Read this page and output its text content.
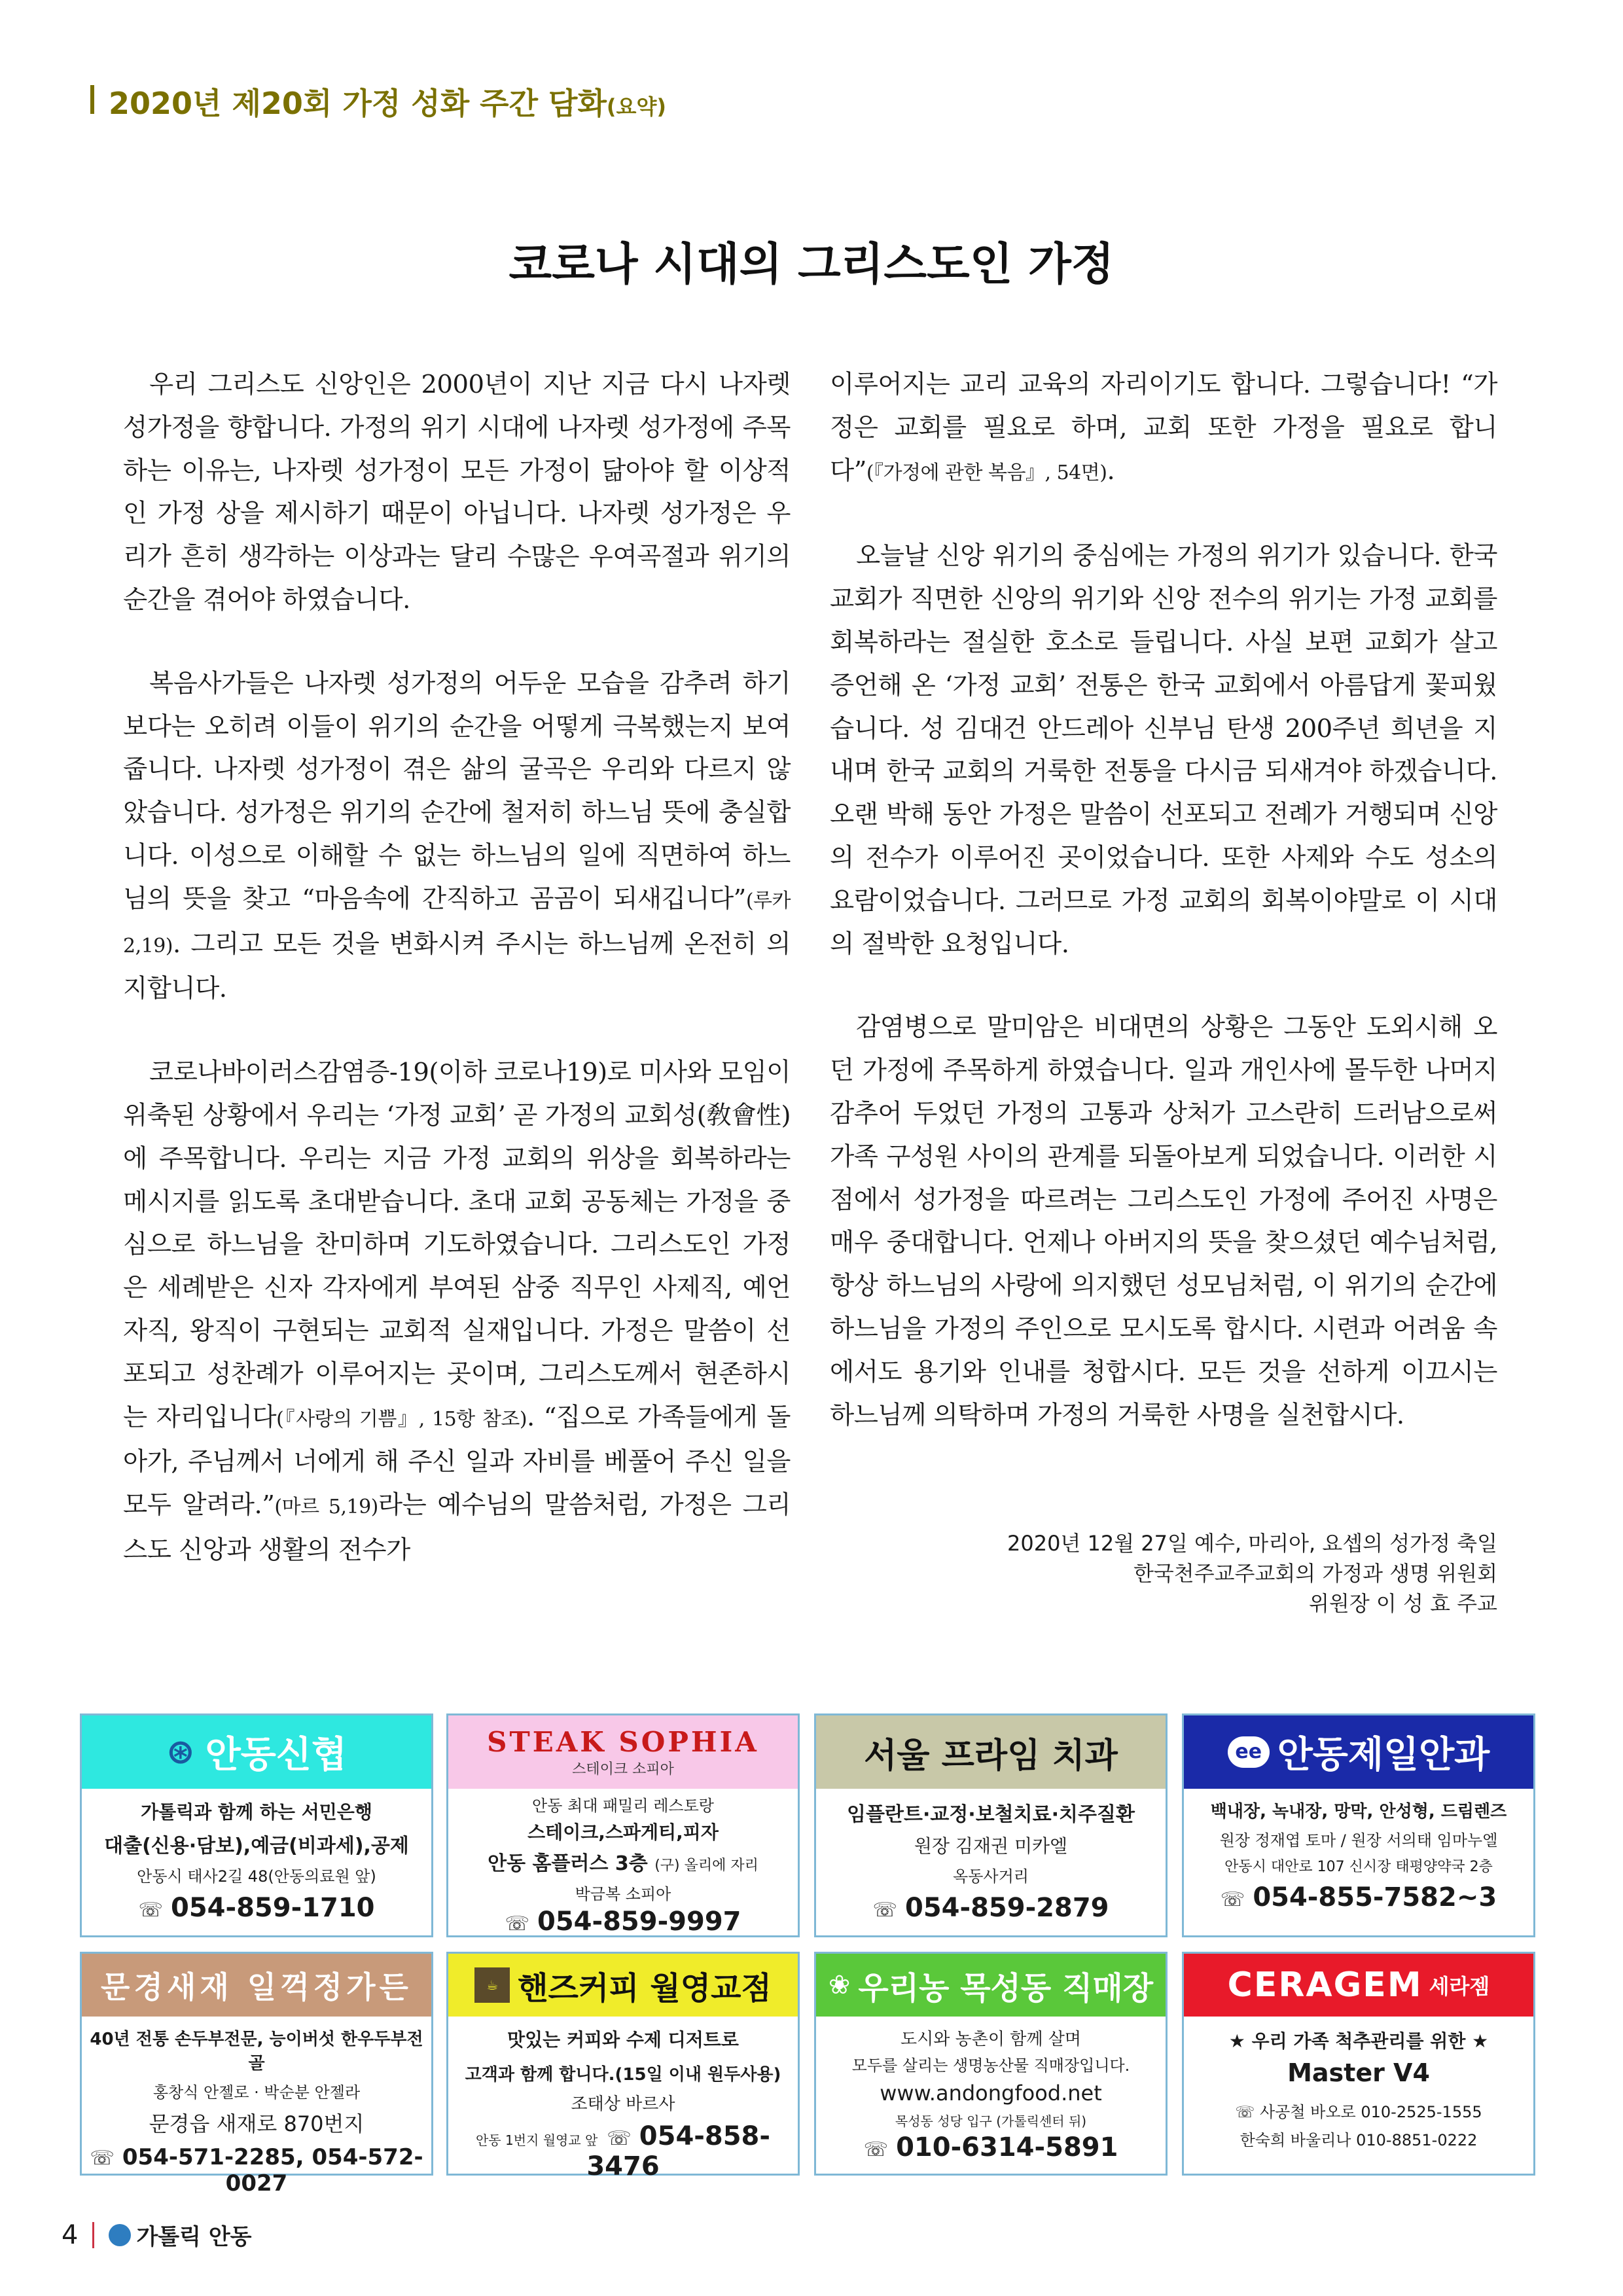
2020년 제20회 가정 성화 주간 담화 (요약)
코로나 시대의 그리스도인 가정

우리 그리스도 신앙인은 2000년이 지난 지금 다시 나자렛 성가정을 향합니다. 가정의 위기 시대에 나자렛 성가정에 주목하는 이유는, 나자렛 성가정이 모든 가정이 닮아야 할 이상적인 가정 상을 제시하기 때문이 아닙니다. 나자렛 성가정은 우리가 흔히 생각하는 이상과는 달리 수많은 우여곡절과 위기의 순간을 겪어야 하였습니다.

복음사가들은 나자렛 성가정의 어두운 모습을 감추려 하기보다는 오히려 이들이 위기의 순간을 어떻게 극복했는지 보여 줍니다. 나자렛 성가정이 겪은 삶의 굴곡은 우리와 다르지 않았습니다. 성가정은 위기의 순간에 철저히 하느님 뜻에 충실합니다. 이성으로 이해할 수 없는 하느님의 일에 직면하여 하느님의 뜻을 찾고 “마음속에 간직하고 곰곰이 되새깁니다”(루카 2,19). 그리고 모든 것을 변화시켜 주시는 하느님께 온전히 의지합니다.

코로나바이러스감염증-19(이하 코로나19)로 미사와 모임이 위축된 상황에서 우리는 ‘가정 교회’ 곧 가정의 교회성(敎會性)에 주목합니다. 우리는 지금 가정 교회의 위상을 회복하라는 메시지를 읽도록 초대받습니다. 초대 교회 공동체는 가정을 중심으로 하느님을 찬미하며 기도하였습니다. 그리스도인 가정은 세례받은 신자 각자에게 부여된 삼중 직무인 사제직, 예언자직, 왕직이 구현되는 교회적 실재입니다. 가정은 말씀이 선포되고 성찬례가 이루어지는 곳이며, 그리스도께서 현존하시는 자리입니다(『사랑의 기쁨』, 15항 참조). “집으로 가족들에게 돌아가, 주님께서 너에게 해 주신 일과 자비를 베풀어 주신 일을 모두 알려라.”(마르 5,19)라는 예수님의 말씀처럼, 가정은 그리스도 신앙과 생활의 전수가

이루어지는 교리 교육의 자리이기도 합니다. 그렇습니다! “가정은 교회를 필요로 하며, 교회 또한 가정을 필요로 합니다”(『가정에 관한 복음』, 54면).

오늘날 신앙 위기의 중심에는 가정의 위기가 있습니다. 한국 교회가 직면한 신앙의 위기와 신앙 전수의 위기는 가정 교회를 회복하라는 절실한 호소로 들립니다. 사실 보편 교회가 살고 증언해 온 ‘가정 교회’ 전통은 한국 교회에서 아름답게 꽃피웠습니다. 성 김대건 안드레아 신부님 탄생 200주년 희년을 지내며 한국 교회의 거룩한 전통을 다시금 되새겨야 하겠습니다. 오랜 박해 동안 가정은 말씀이 선포되고 전례가 거행되며 신앙의 전수가 이루어진 곳이었습니다. 또한 사제와 수도 성소의 요람이었습니다. 그러므로 가정 교회의 회복이야말로 이 시대의 절박한 요청입니다.

감염병으로 말미암은 비대면의 상황은 그동안 도외시해 오던 가정에 주목하게 하였습니다. 일과 개인사에 몰두한 나머지 감추어 두었던 가정의 고통과 상처가 고스란히 드러남으로써 가족 구성원 사이의 관계를 되돌아보게 되었습니다. 이러한 시점에서 성가정을 따르려는 그리스도인 가정에 주어진 사명은 매우 중대합니다. 언제나 아버지의 뜻을 찾으셨던 예수님처럼, 항상 하느님의 사랑에 의지했던 성모님처럼, 이 위기의 순간에 하느님을 가정의 주인으로 모시도록 합시다. 시련과 어려움 속에서도 용기와 인내를 청합시다. 모든 것을 선하게 이끄시는 하느님께 의탁하며 가정의 거룩한 사명을 실천합시다.

2020년 12월 27일 예수, 마리아, 요셉의 성가정 축일
한국천주교주교회의 가정과 생명 위원회
위원장 이 성 효 주교
⊛ 안동신협
가톨릭과 함께 하는 서민은행
대출(신용·담보),예금(비과세),공제
안동시 태사2길 48(안동의료원 앞)
☏ 054-859-1710
STEAK SOPHIA
스테이크 소피아
안동 최대 패밀리 레스토랑
스테이크,스파게티,피자
안동 홈플러스 3층 (구) 올리에 자리
박금복 소피아
☏ 054-859-9997
서울 프라임 치과
임플란트·교정·보철치료·치주질환
원장 김재권 미카엘
옥동사거리
☏ 054-859-2879
ee 안동제일안과
백내장, 녹내장, 망막, 안성형, 드림렌즈
원장 정재엽 토마 / 원장 서의태 임마누엘
안동시 대안로 107 신시장 태평양약국 2층
☏ 054-855-7582~3
문경새재 일꺽정가든
40년 전통 손두부전문, 능이버섯 한우두부전골
홍창식 안젤로 · 박순분 안젤라
문경읍 새재로 870번지
☏ 054-571-2285, 054-572-0027
☕ 핸즈커피 월영교점
맛있는 커피와 수제 디저트로
고객과 함께 합니다.(15일 이내 원두사용)
조태상 바르사
안동 1번지 월영교 앞 ☏ 054-858-3476
❀ 우리농 목성동 직매장
도시와 농촌이 함께 살며
모두를 살리는 생명농산물 직매장입니다.
www.andongfood.net
목성동 성당 입구 (가톨릭센터 뒤)
☏ 010-6314-5891
CERAGEM 세라젬
★ 우리 가족 척추관리를 위한 ★
Master V4
☏ 사공철 바오로 010-2525-1555
한숙희 바울리나 010-8851-0222
4	가톨릭 안동
